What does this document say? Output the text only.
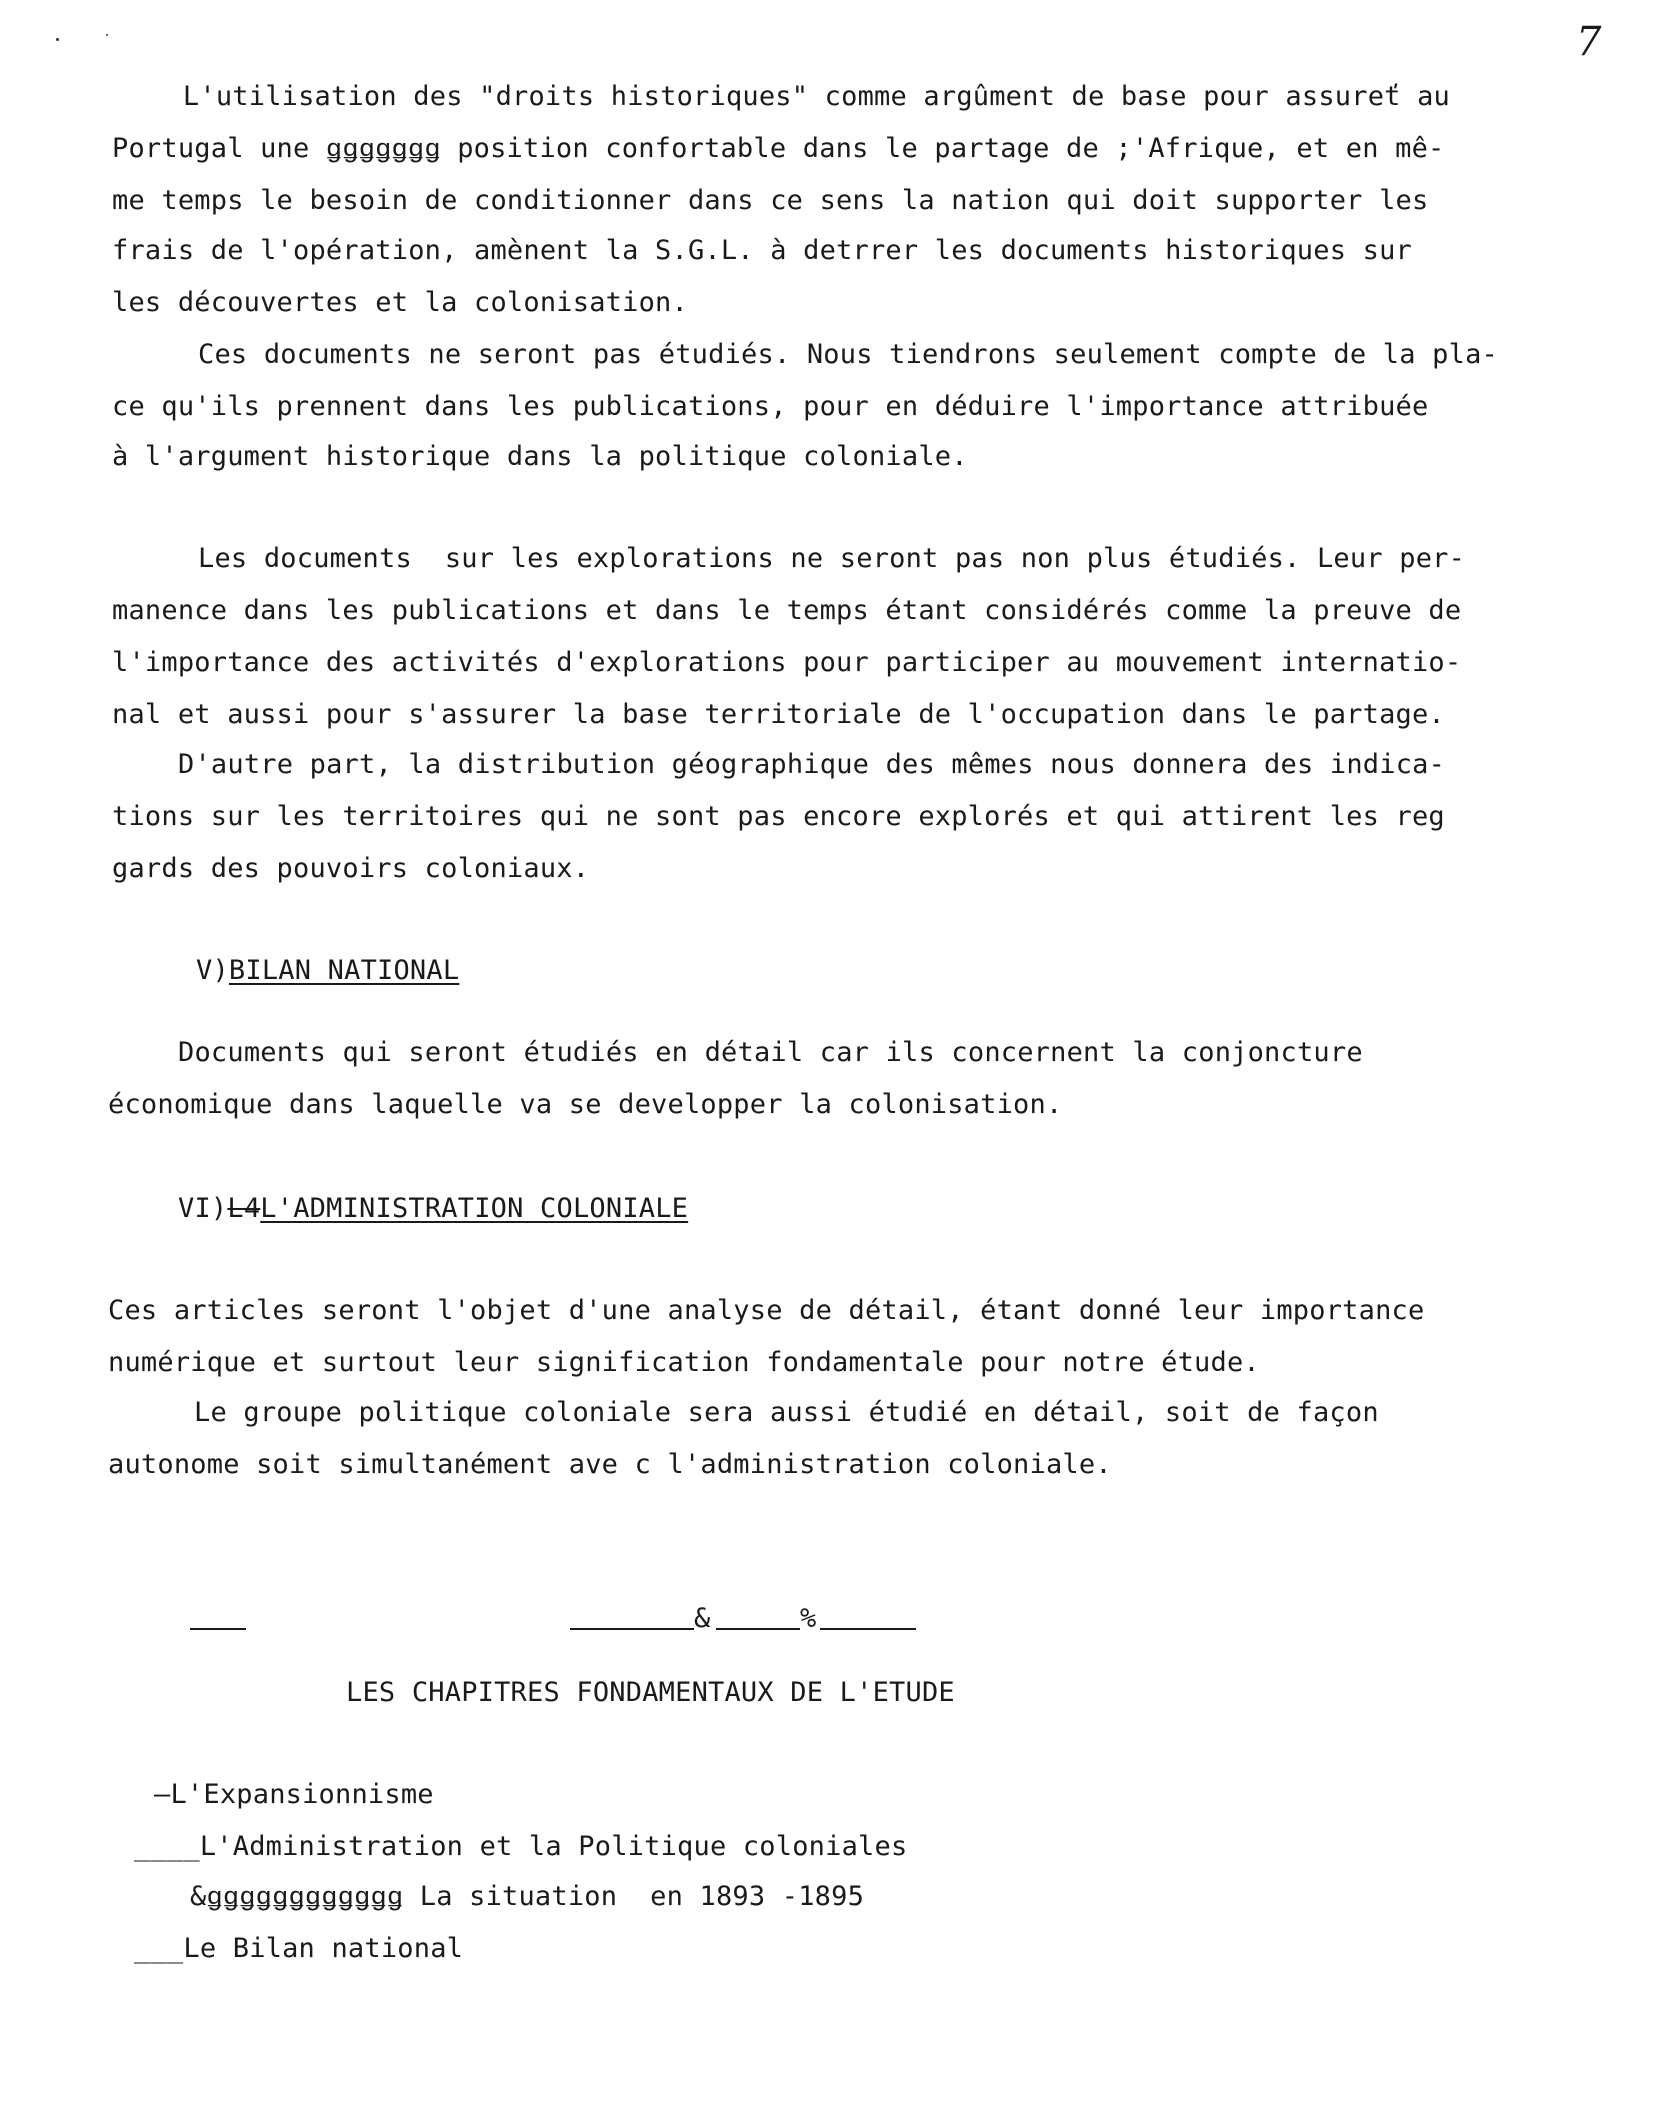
7
L'utilisation des "droits historiques" comme argûment de base pour assureť au
Portugal une ǥǥǥǥǥǥǥ position confortable dans le partage de ;'Afrique, et en mê-
me temps le besoin de conditionner dans ce sens la nation qui doit supporter les
frais de l'opération, amènent la S.G.L. à detrrer les documents historiques sur
les découvertes et la colonisation.
Ces documents ne seront pas étudiés. Nous tiendrons seulement compte de la pla-
ce qu'ils prennent dans les publications, pour en déduire l'importance attribuée
à l'argument historique dans la politique coloniale.
Les documents  sur les explorations ne seront pas non plus étudiés. Leur per-
manence dans les publications et dans le temps étant considérés comme la preuve de
l'importance des activités d'explorations pour participer au mouvement internatio-
nal et aussi pour s'assurer la base territoriale de l'occupation dans le partage.
D'autre part, la distribution géographique des mêmes nous donnera des indica-
tions sur les territoires qui ne sont pas encore explorés et qui attirent les reg
gards des pouvoirs coloniaux.
V)BILAN NATIONAL
Documents qui seront étudiés en détail car ils concernent la conjoncture
économique dans laquelle va se developper la colonisation.
VI)L4L'ADMINISTRATION COLONIALE
Ces articles seront l'objet d'une analyse de détail, étant donné leur importance
numérique et surtout leur signification fondamentale pour notre étude.
Le groupe politique coloniale sera aussi étudié en détail, soit de façon
autonome soit simultanément ave c l'administration coloniale.
&	%
LES CHAPITRES FONDAMENTAUX DE L'ETUDE
—L'Expansionnisme
____L'Administration et la Politique coloniales
&ǥǥǥǥǥǥǥǥǥǥǥǥ La situation  en 1893 -1895
___Le Bilan national
